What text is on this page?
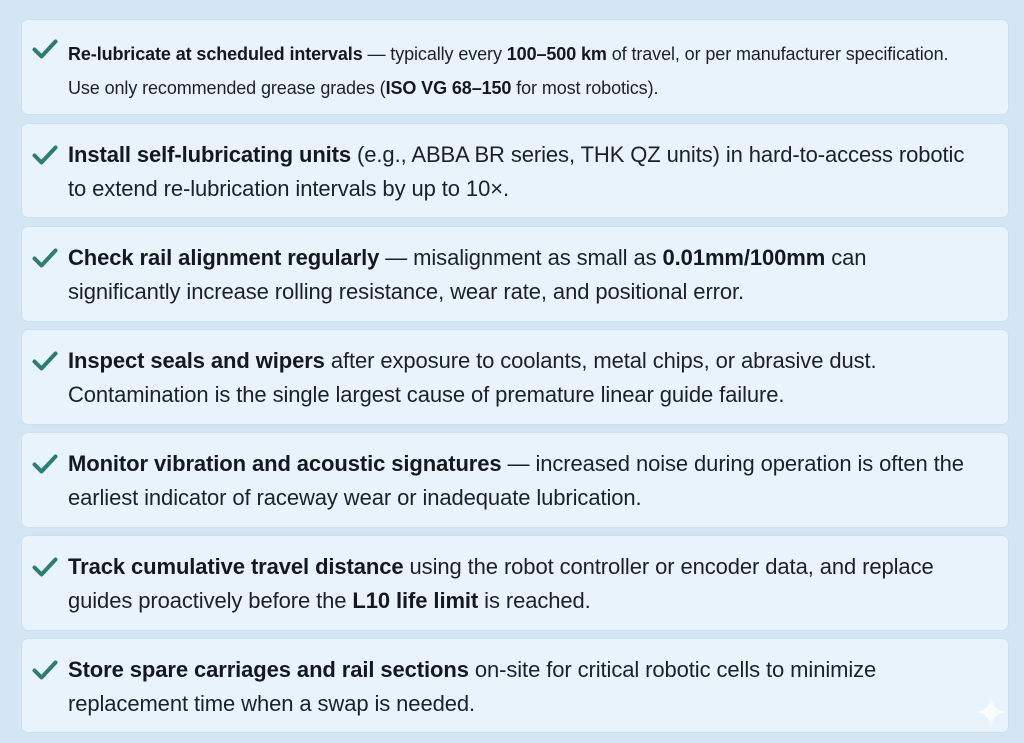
Re-lubricate at scheduled intervals — typically every 100–500 km of travel, or per manufacturer specification.
Use only recommended grease grades (ISO VG 68–150 for most robotics).
Install self-lubricating units (e.g., ABBA BR series, THK QZ units) in hard-to-access robotic
to extend re-lubrication intervals by up to 10×.
Check rail alignment regularly — misalignment as small as 0.01mm/100mm can
significantly increase rolling resistance, wear rate, and positional error.
Inspect seals and wipers after exposure to coolants, metal chips, or abrasive dust.
Contamination is the single largest cause of premature linear guide failure.
Monitor vibration and acoustic signatures — increased noise during operation is often the
earliest indicator of raceway wear or inadequate lubrication.
Track cumulative travel distance using the robot controller or encoder data, and replace
guides proactively before the L10 life limit is reached.
Store spare carriages and rail sections on-site for critical robotic cells to minimize
replacement time when a swap is needed.
